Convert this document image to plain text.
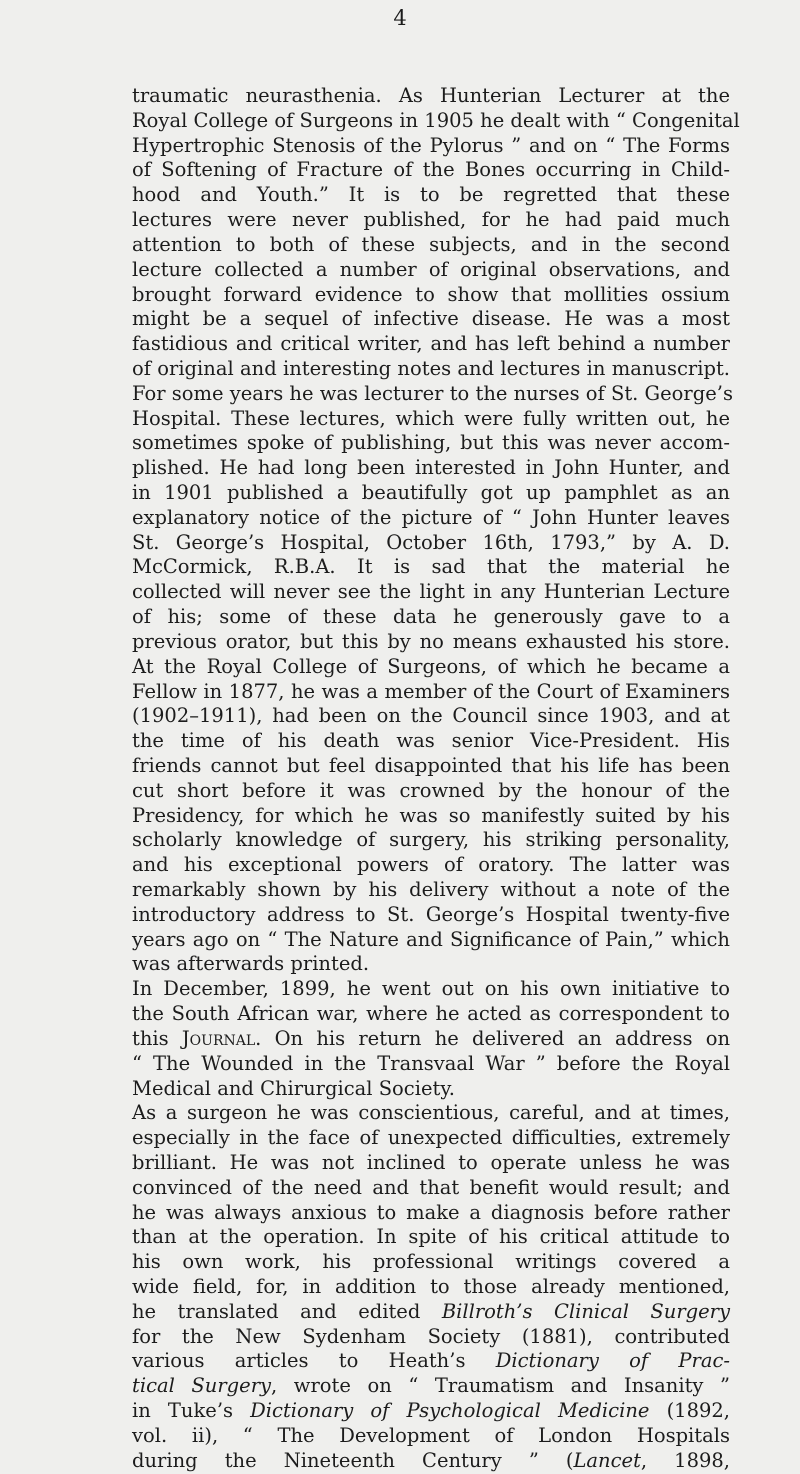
4
traumatic neurasthenia. As Hunterian Lecturer at the
Royal College of Surgeons in 1905 he dealt with “ Congenital
Hypertrophic Stenosis of the Pylorus ” and on “ The Forms
of Softening of Fracture of the Bones occurring in Child-
hood and Youth.” It is to be regretted that these
lectures were never published, for he had paid much
attention to both of these subjects, and in the second
lecture collected a number of original observations, and
brought forward evidence to show that mollities ossium
might be a sequel of infective disease. He was a most
fastidious and critical writer, and has left behind a number
of original and interesting notes and lectures in manuscript.
For some years he was lecturer to the nurses of St. George’s
Hospital. These lectures, which were fully written out, he
sometimes spoke of publishing, but this was never accom-
plished. He had long been interested in John Hunter, and
in 1901 published a beautifully got up pamphlet as an
explanatory notice of the picture of “ John Hunter leaves
St. George’s Hospital, October 16th, 1793,” by A. D.
McCormick, R.B.A. It is sad that the material he
collected will never see the light in any Hunterian Lecture
of his; some of these data he generously gave to a
previous orator, but this by no means exhausted his store.
At the Royal College of Surgeons, of which he became a
Fellow in 1877, he was a member of the Court of Examiners
(1902–1911), had been on the Council since 1903, and at
the time of his death was senior Vice-President. His
friends cannot but feel disappointed that his life has been
cut short before it was crowned by the honour of the
Presidency, for which he was so manifestly suited by his
scholarly knowledge of surgery, his striking personality,
and his exceptional powers of oratory. The latter was
remarkably shown by his delivery without a note of the
introductory address to St. George’s Hospital twenty-five
years ago on “ The Nature and Significance of Pain,” which
was afterwards printed.
In December, 1899, he went out on his own initiative to
the South African war, where he acted as correspondent to
this Journal. On his return he delivered an address on
“ The Wounded in the Transvaal War ” before the Royal
Medical and Chirurgical Society.
As a surgeon he was conscientious, careful, and at times,
especially in the face of unexpected difficulties, extremely
brilliant. He was not inclined to operate unless he was
convinced of the need and that benefit would result; and
he was always anxious to make a diagnosis before rather
than at the operation. In spite of his critical attitude to
his own work, his professional writings covered a
wide field, for, in addition to those already mentioned,
he translated and edited Billroth’s Clinical Surgery
for the New Sydenham Society (1881), contributed
various articles to Heath’s Dictionary of Prac-
tical Surgery, wrote on “ Traumatism and Insanity ”
in Tuke’s Dictionary of Psychological Medicine (1892,
vol. ii), “ The Development of London Hospitals
during the Nineteenth Century ” (Lancet, 1898,
